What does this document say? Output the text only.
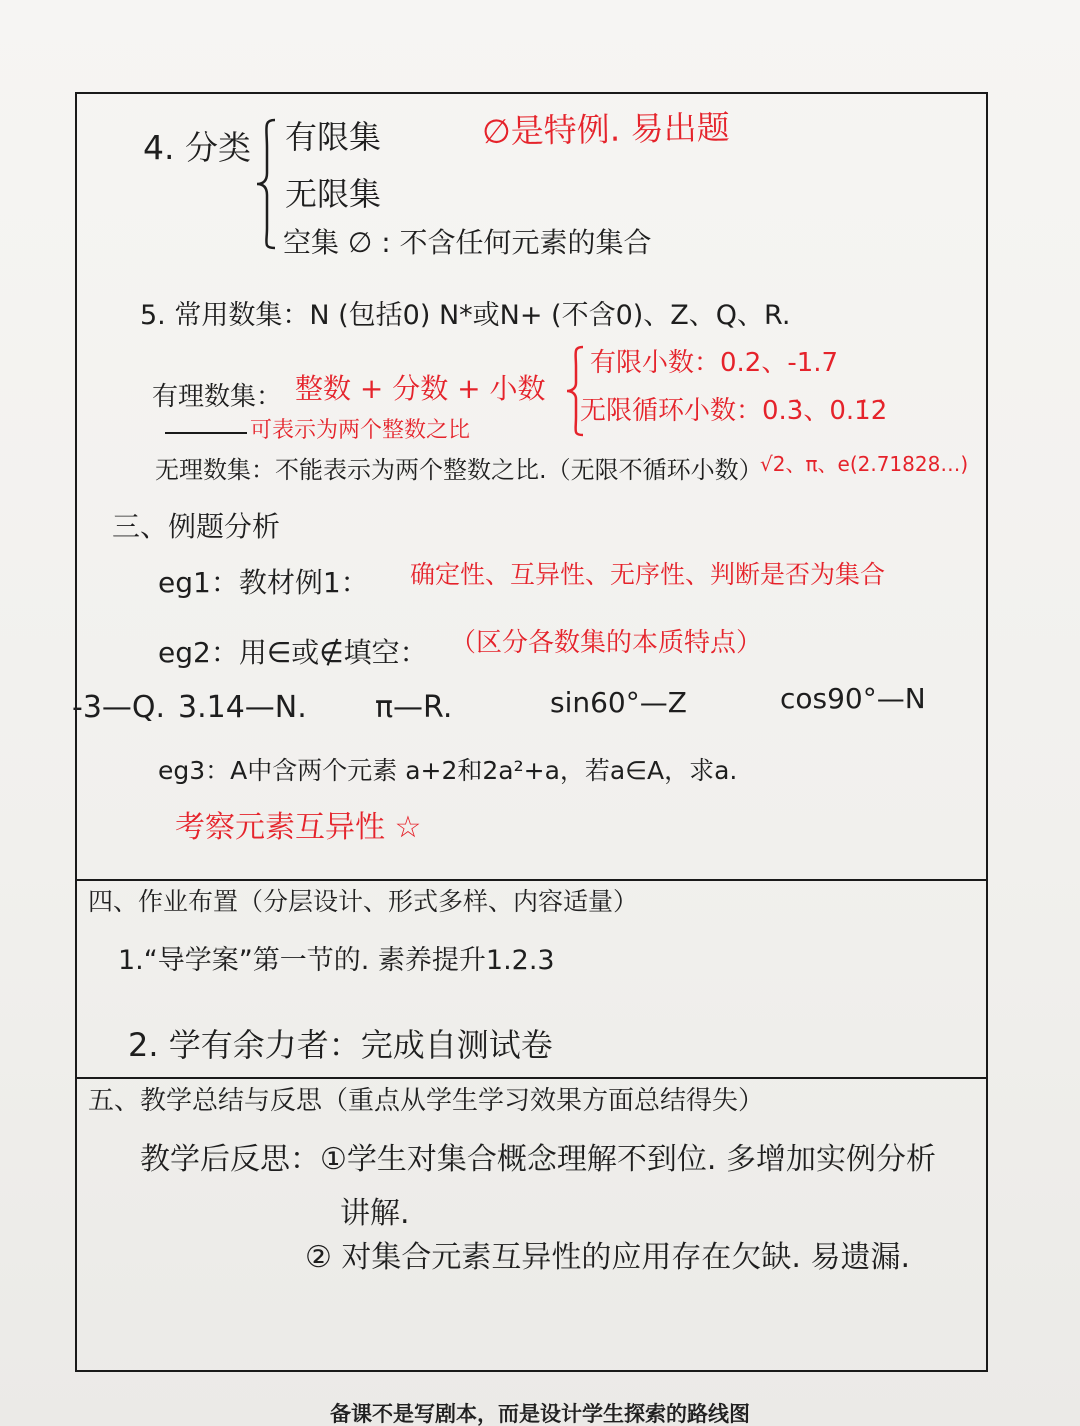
4. 分类 有限集
无限集
空集 ∅ : 不含任何元素的集合
∅是特例. 易出题
5. 常用数集：N (包括0) N*或N+ (不含0)、Z、Q、R.
有理数集： 整数 + 分数 + 小数
有限小数：0.2、-1.7
无限循环小数：0.3̇、0.1̇2̇
可表示为两个整数之比
无理数集：不能表示为两个整数之比.（无限不循环小数）
√2、π、e(2.71828…)
三、例题分析
eg1：教材例1： 确定性、互异性、无序性、判断是否为集合
eg2：用∈或∉填空： （区分各数集的本质特点）
-3—Q. 3.14—N. π—R.	sin60°—Z	cos90°—N
eg3：A中含两个元素 a+2和2a²+a，若a∈A，求a.
考察元素互异性 ☆
四、作业布置（分层设计、形式多样、内容适量）
1.“导学案”第一节的. 素养提升1.2.3
2. 学有余力者：完成自测试卷
五、教学总结与反思（重点从学生学习效果方面总结得失）
教学后反思：①学生对集合概念理解不到位. 多增加实例分析
讲解.
② 对集合元素互异性的应用存在欠缺. 易遗漏.
备课不是写剧本，而是设计学生探索的路线图
